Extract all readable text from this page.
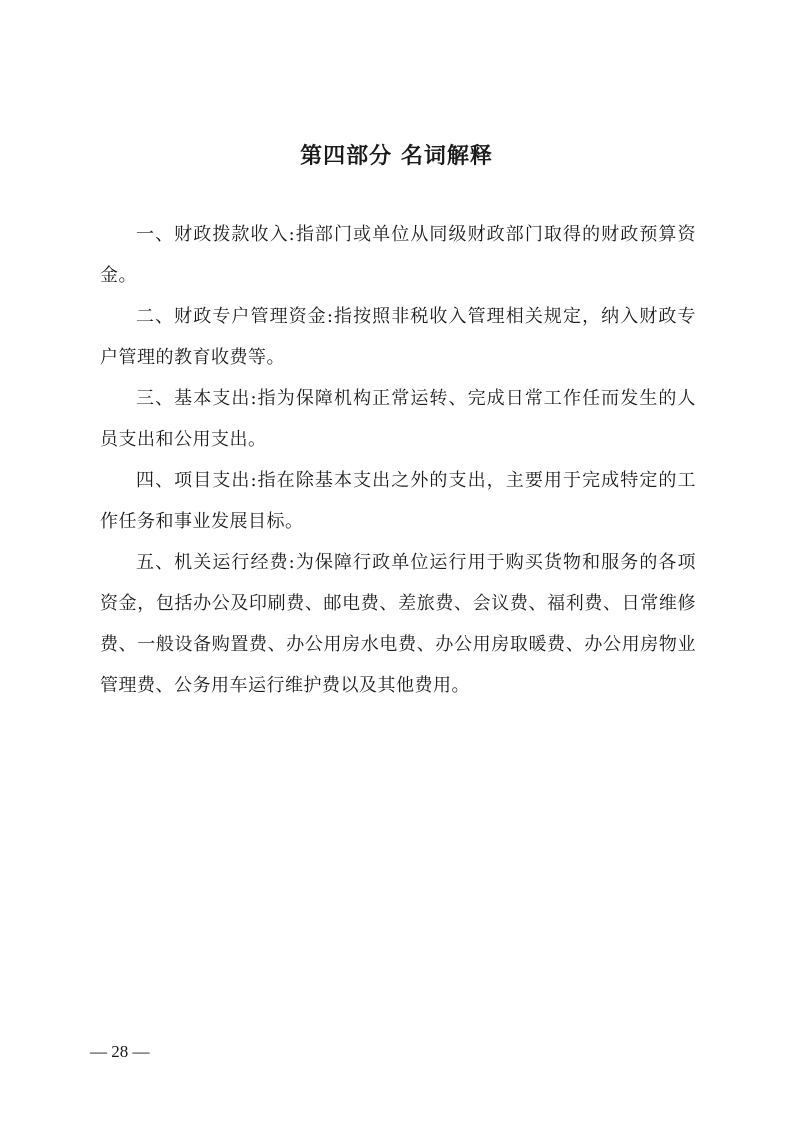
第四部分 名词解释

一、财政拨款收入:指部门或单位从同级财政部门取得的财政预算资金。

二、财政专户管理资金:指按照非税收入管理相关规定，纳入财政专户管理的教育收费等。

三、基本支出:指为保障机构正常运转、完成日常工作任而发生的人员支出和公用支出。

四、项目支出:指在除基本支出之外的支出，主要用于完成特定的工作任务和事业发展目标。

五、机关运行经费:为保障行政单位运行用于购买货物和服务的各项资金，包括办公及印刷费、邮电费、差旅费、会议费、福利费、日常维修费、一般设备购置费、办公用房水电费、办公用房取暖费、办公用房物业管理费、公务用车运行维护费以及其他费用。

— 28 —
